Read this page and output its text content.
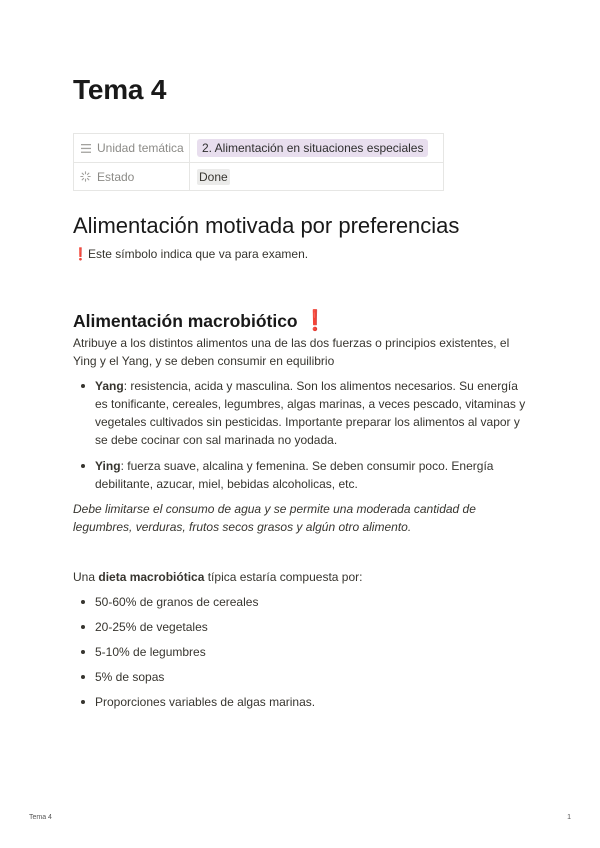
Tema 4
Unidad temática	2. Alimentación en situaciones especiales
Estado	Done
Alimentación motivada por preferencias
❗Este símbolo indica que va para examen.
Alimentación macrobiótico ❗

Atribuye a los distintos alimentos una de las dos fuerzas o principios existentes, el Ying y el Yang, y se deben consumir en equilibrio

Yang: resistencia, acida y masculina. Son los alimentos necesarios. Su energía es tonificante, cereales, legumbres, algas marinas, a veces pescado, vitaminas y vegetales cultivados sin pesticidas. Importante preparar los alimentos al vapor y se debe cocinar con sal marinada no yodada.
Ying: fuerza suave, alcalina y femenina. Se deben consumir poco. Energía debilitante, azucar, miel, bebidas alcoholicas, etc.

Debe limitarse el consumo de agua y se permite una moderada cantidad de legumbres, verduras, frutos secos grasos y algún otro alimento.

Una dieta macrobiótica típica estaría compuesta por:

50-60% de granos de cereales
20-25% de vegetales
5-10% de legumbres
5% de sopas
Proporciones variables de algas marinas.
Tema 4	1
